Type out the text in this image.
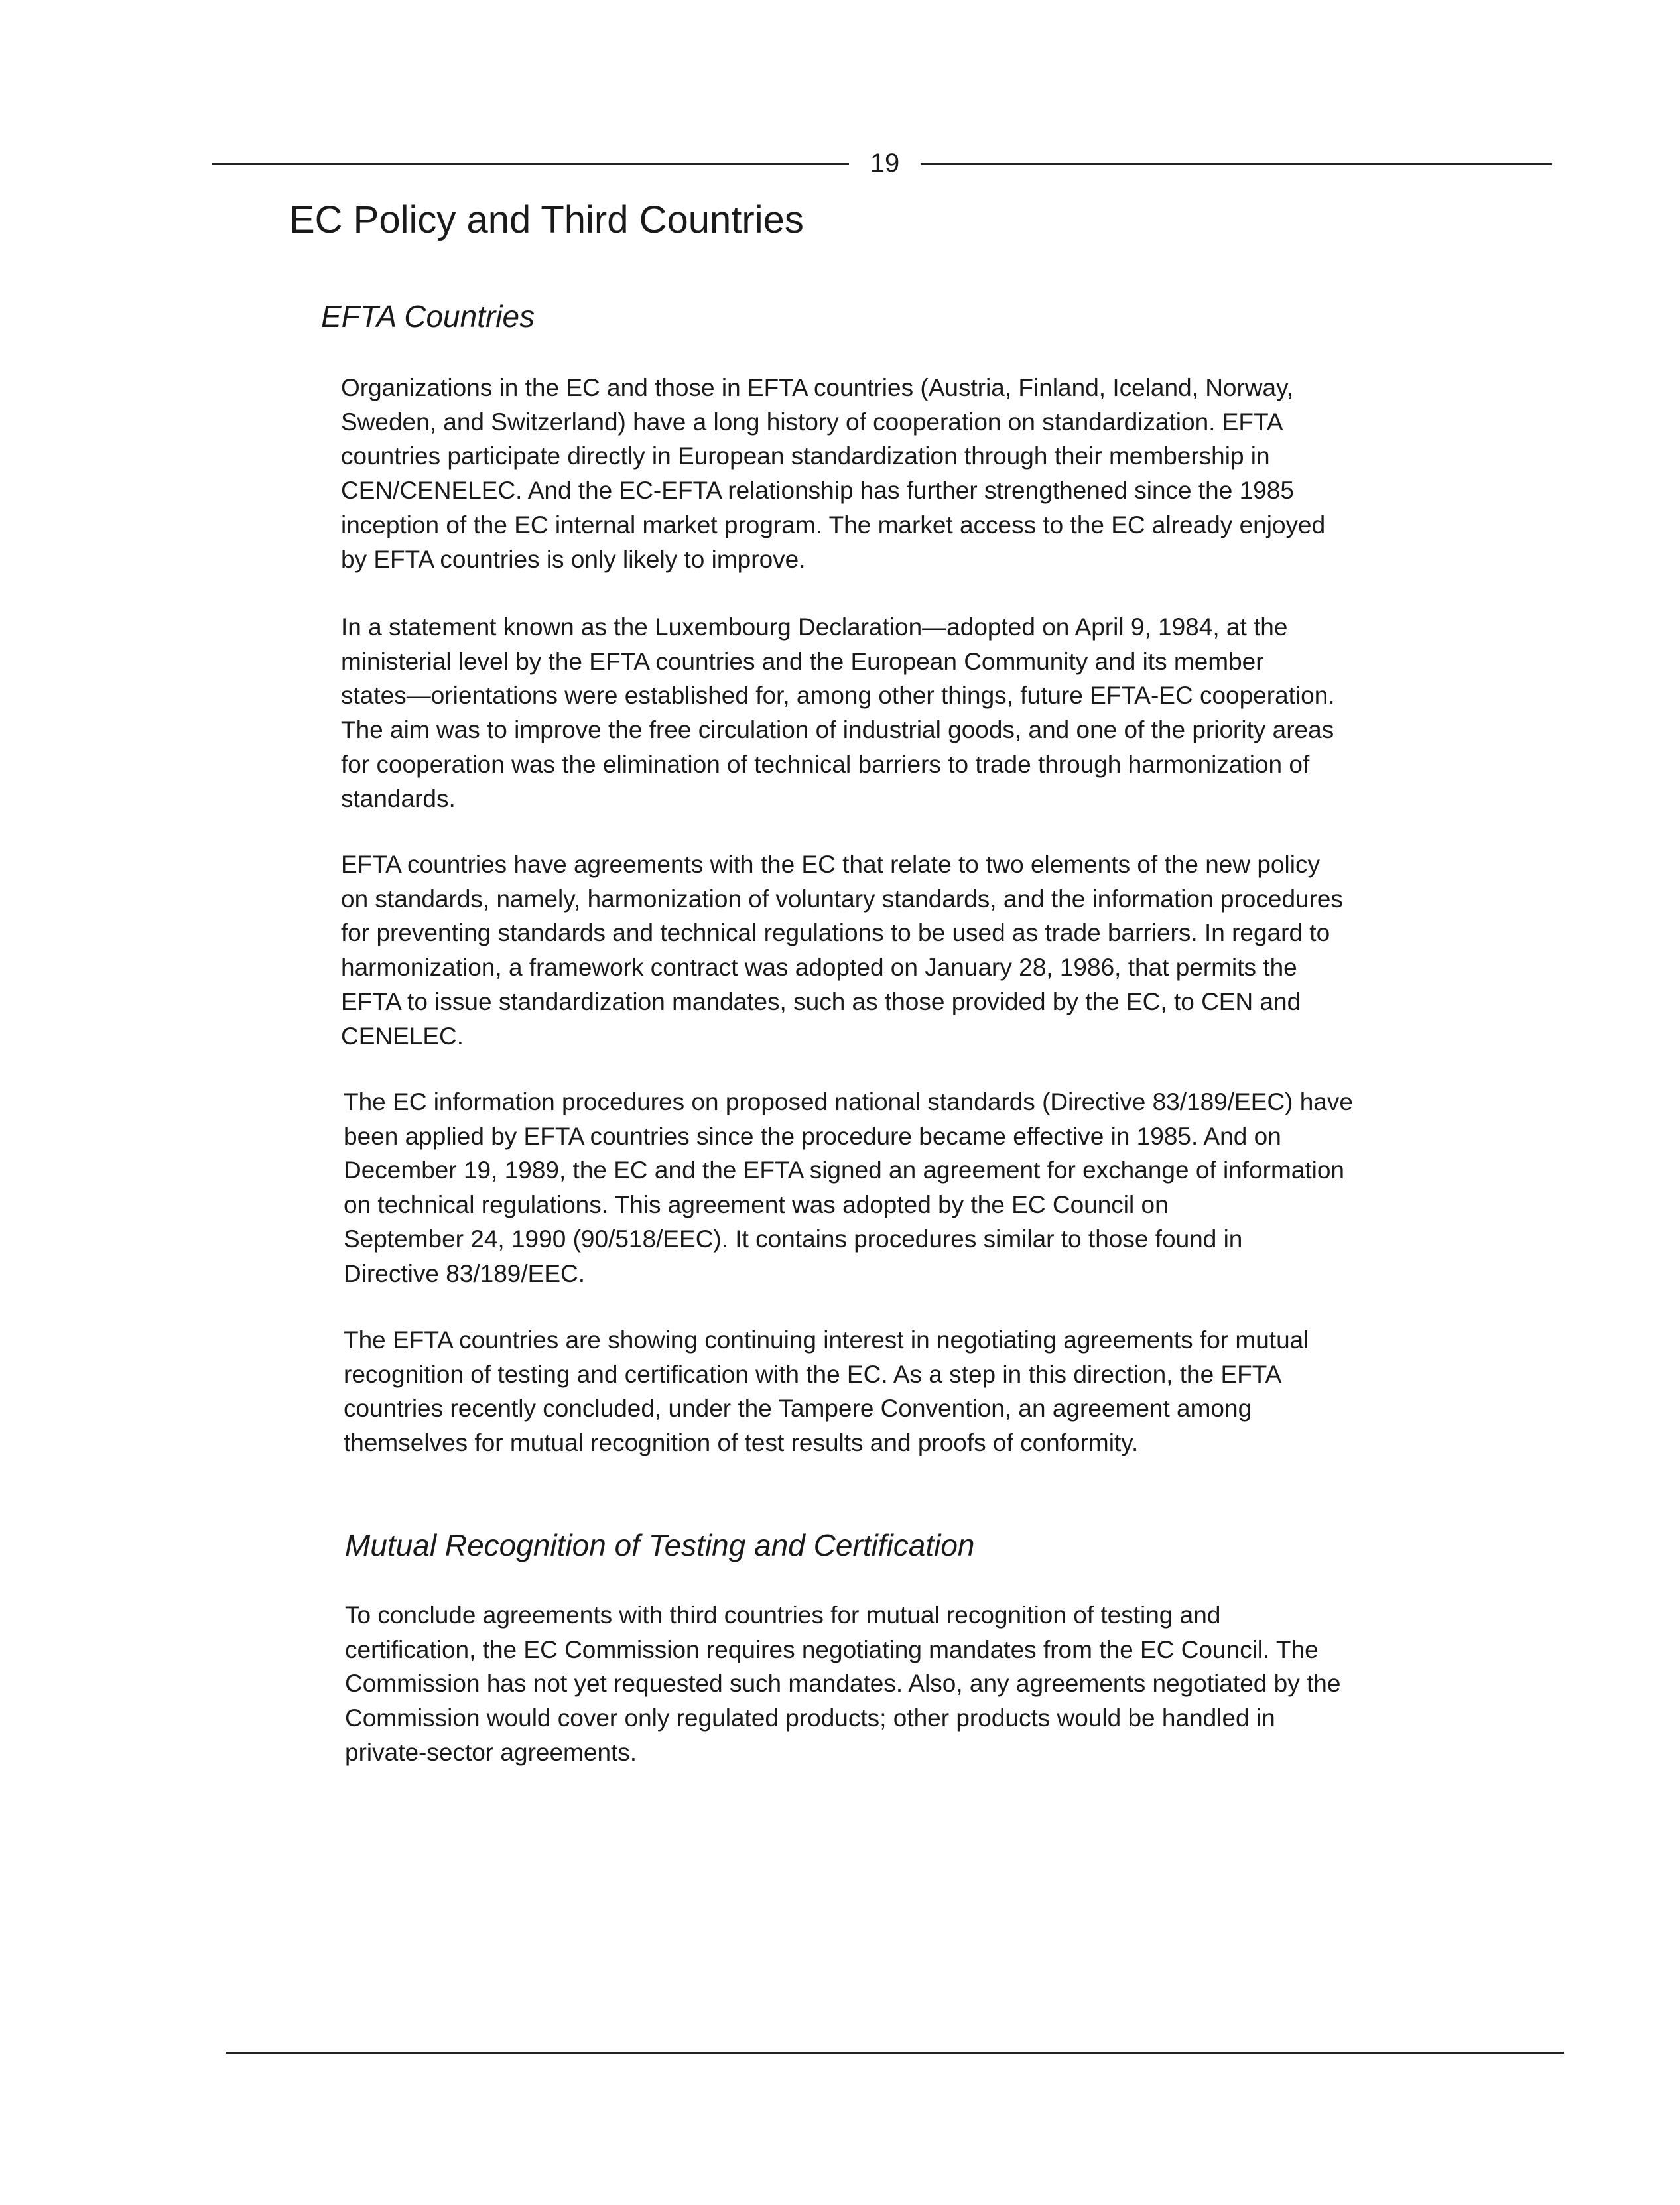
19
EC Policy and Third Countries
EFTA Countries

Organizations in the EC and those in EFTA countries (Austria, Finland, Iceland, Norway,
Sweden, and Switzerland) have a long history of cooperation on standardization. EFTA
countries participate directly in European standardization through their membership in
CEN/CENELEC. And the EC-EFTA relationship has further strengthened since the 1985
inception of the EC internal market program. The market access to the EC already enjoyed
by EFTA countries is only likely to improve.

In a statement known as the Luxembourg Declaration—adopted on April 9, 1984, at the
ministerial level by the EFTA countries and the European Community and its member
states—orientations were established for, among other things, future EFTA-EC cooperation.
The aim was to improve the free circulation of industrial goods, and one of the priority areas
for cooperation was the elimination of technical barriers to trade through harmonization of
standards.

EFTA countries have agreements with the EC that relate to two elements of the new policy
on standards, namely, harmonization of voluntary standards, and the information procedures
for preventing standards and technical regulations to be used as trade barriers. In regard to
harmonization, a framework contract was adopted on January 28, 1986, that permits the
EFTA to issue standardization mandates, such as those provided by the EC, to CEN and
CENELEC.

The EC information procedures on proposed national standards (Directive 83/189/EEC) have
been applied by EFTA countries since the procedure became effective in 1985. And on
December 19, 1989, the EC and the EFTA signed an agreement for exchange of information
on technical regulations. This agreement was adopted by the EC Council on
September 24, 1990 (90/518/EEC). It contains procedures similar to those found in
Directive 83/189/EEC.

The EFTA countries are showing continuing interest in negotiating agreements for mutual
recognition of testing and certification with the EC. As a step in this direction, the EFTA
countries recently concluded, under the Tampere Convention, an agreement among
themselves for mutual recognition of test results and proofs of conformity.

Mutual Recognition of Testing and Certification

To conclude agreements with third countries for mutual recognition of testing and
certification, the EC Commission requires negotiating mandates from the EC Council. The
Commission has not yet requested such mandates. Also, any agreements negotiated by the
Commission would cover only regulated products; other products would be handled in
private-sector agreements.
